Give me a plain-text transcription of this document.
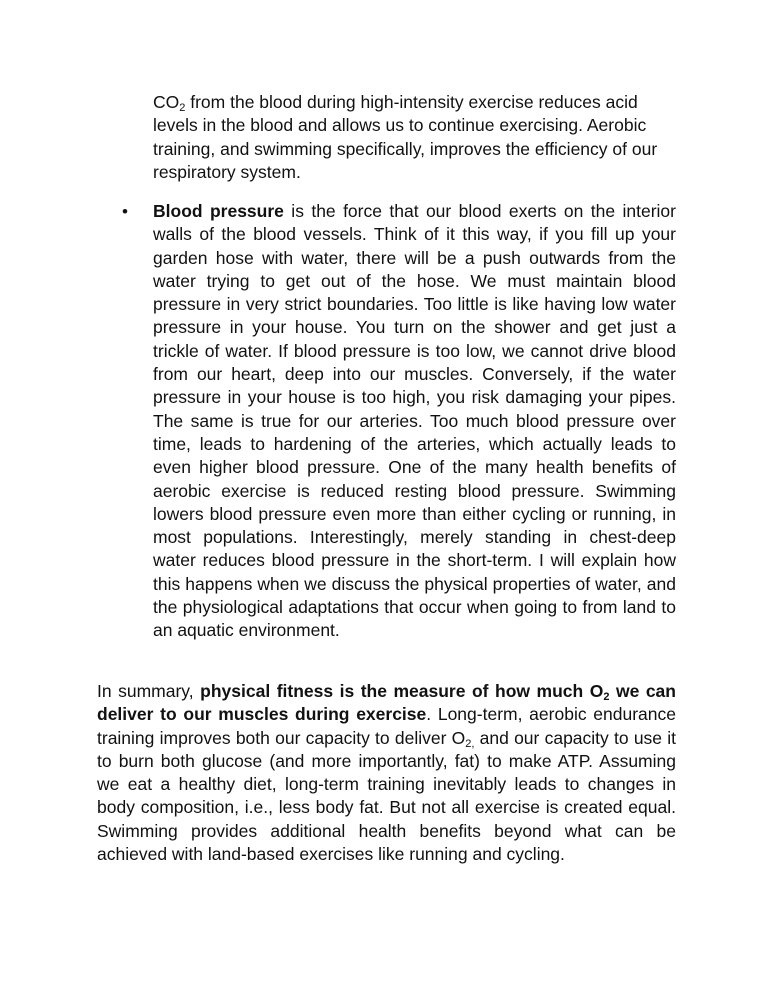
$CO_2$ from the blood during high-intensity exercise reduces acid levels in the blood and allows us to continue exercising. Aerobic training, and swimming specifically, improves the efficiency of our respiratory system.

• Blood pressure is the force that our blood exerts on the interior walls of the blood vessels. Think of it this way, if you fill up your garden hose with water, there will be a push outwards from the water trying to get out of the hose. We must maintain blood pressure in very strict boundaries. Too little is like having low water pressure in your house. You turn on the shower and get just a trickle of water. If blood pressure is too low, we cannot drive blood from our heart, deep into our muscles. Conversely, if the water pressure in your house is too high, you risk damaging your pipes. The same is true for our arteries. Too much blood pressure over time, leads to hardening of the arteries, which actually leads to even higher blood pressure. One of the many health benefits of aerobic exercise is reduced resting blood pressure. Swimming lowers blood pressure even more than either cycling or running, in most populations. Interestingly, merely standing in chest-deep water reduces blood pressure in the short-term. I will explain how this happens when we discuss the physical properties of water, and the physiological adaptations that occur when going to from land to an aquatic environment.

In summary, physical fitness is the measure of how much $O_2$ we can deliver to our muscles during exercise. Long-term, aerobic endurance training improves both our capacity to deliver $O_{2,}$ and our capacity to use it to burn both glucose (and more importantly, fat) to make ATP. Assuming we eat a healthy diet, long-term training inevitably leads to changes in body composition, i.e., less body fat. But not all exercise is created equal. Swimming provides additional health benefits beyond what can be achieved with land-based exercises like running and cycling.
